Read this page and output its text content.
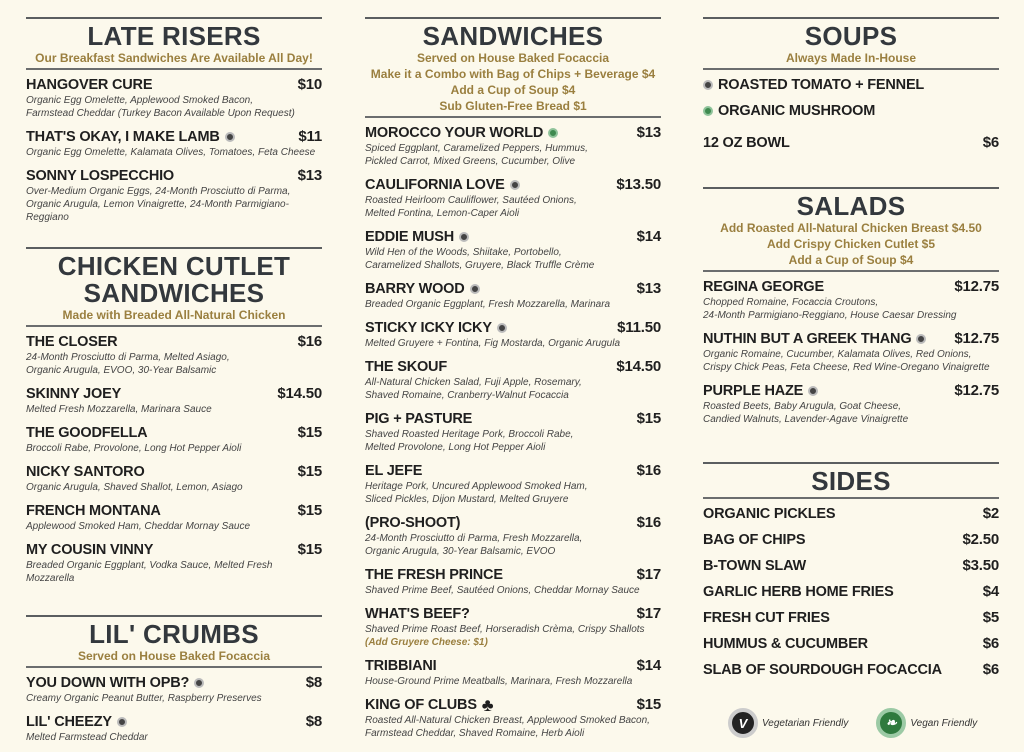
LATE RISERS
Our Breakfast Sandwiches Are Available All Day!
HANGOVER CURE	$10
Organic Egg Omelette, Applewood Smoked Bacon,
Farmstead Cheddar (Turkey Bacon Available Upon Request)
THAT'S OKAY, I MAKE LAMB	$11
Organic Egg Omelette, Kalamata Olives, Tomatoes, Feta Cheese
SONNY LOSPECCHIO	$13
Over-Medium Organic Eggs, 24-Month Prosciutto di Parma,
Organic Arugula, Lemon Vinaigrette, 24-Month Parmigiano-Reggiano
CHICKEN CUTLET
SANDWICHES
Made with Breaded All-Natural Chicken
THE CLOSER	$16
24-Month Prosciutto di Parma, Melted Asiago,
Organic Arugula, EVOO, 30-Year Balsamic
SKINNY JOEY	$14.50
Melted Fresh Mozzarella, Marinara Sauce
THE GOODFELLA	$15
Broccoli Rabe, Provolone, Long Hot Pepper Aioli
NICKY SANTORO	$15
Organic Arugula, Shaved Shallot, Lemon, Asiago
FRENCH MONTANA	$15
Applewood Smoked Ham, Cheddar Mornay Sauce
MY COUSIN VINNY	$15
Breaded Organic Eggplant, Vodka Sauce, Melted Fresh Mozzarella
LIL' CRUMBS
Served on House Baked Focaccia
YOU DOWN WITH OPB?	$8
Creamy Organic Peanut Butter, Raspberry Preserves
LIL' CHEEZY	$8
Melted Farmstead Cheddar
SANDWICHES
Served on House Baked Focaccia
Make it a Combo with Bag of Chips + Beverage $4
Add a Cup of Soup $4
Sub Gluten-Free Bread $1
MOROCCO YOUR WORLD	$13
Spiced Eggplant, Caramelized Peppers, Hummus,
Pickled Carrot, Mixed Greens, Cucumber, Olive
CAULIFORNIA LOVE	$13.50
Roasted Heirloom Cauliflower, Sautéed Onions,
Melted Fontina, Lemon-Caper Aioli
EDDIE MUSH	$14
Wild Hen of the Woods, Shiitake, Portobello,
Caramelized Shallots, Gruyere, Black Truffle Crème
BARRY WOOD	$13
Breaded Organic Eggplant, Fresh Mozzarella, Marinara
STICKY ICKY ICKY	$11.50
Melted Gruyere + Fontina, Fig Mostarda, Organic Arugula
THE SKOUF	$14.50
All-Natural Chicken Salad, Fuji Apple, Rosemary,
Shaved Romaine, Cranberry-Walnut Focaccia
PIG + PASTURE	$15
Shaved Roasted Heritage Pork, Broccoli Rabe,
Melted Provolone, Long Hot Pepper Aioli
EL JEFE	$16
Heritage Pork, Uncured Applewood Smoked Ham,
Sliced Pickles, Dijon Mustard, Melted Gruyere
(PRO-SHOOT)	$16
24-Month Prosciutto di Parma, Fresh Mozzarella,
Organic Arugula, 30-Year Balsamic, EVOO
THE FRESH PRINCE	$17
Shaved Prime Beef, Sautéed Onions, Cheddar Mornay Sauce
WHAT'S BEEF?	$17
Shaved Prime Roast Beef, Horseradish Crèma, Crispy Shallots
(Add Gruyere Cheese: $1)
TRIBBIANI	$14
House-Ground Prime Meatballs, Marinara, Fresh Mozzarella
KING OF CLUBS ♣	$15
Roasted All-Natural Chicken Breast, Applewood Smoked Bacon,
Farmstead Cheddar, Shaved Romaine, Herb Aioli
SOUPS
Always Made In-House
ROASTED TOMATO + FENNEL
ORGANIC MUSHROOM
12 OZ BOWL	$6
SALADS
Add Roasted All-Natural Chicken Breast $4.50
Add Crispy Chicken Cutlet $5
Add a Cup of Soup $4
REGINA GEORGE	$12.75
Chopped Romaine, Focaccia Croutons,
24-Month Parmigiano-Reggiano, House Caesar Dressing
NUTHIN BUT A GREEK THANG	$12.75
Organic Romaine, Cucumber, Kalamata Olives, Red Onions,
Crispy Chick Peas, Feta Cheese, Red Wine-Oregano Vinaigrette
PURPLE HAZE	$12.75
Roasted Beets, Baby Arugula, Goat Cheese,
Candied Walnuts, Lavender-Agave Vinaigrette
SIDES
ORGANIC PICKLES	$2
BAG OF CHIPS	$2.50
B-TOWN SLAW	$3.50
GARLIC HERB HOME FRIES	$4
FRESH CUT FRIES	$5
HUMMUS & CUCUMBER	$6
SLAB OF SOURDOUGH FOCACCIA	$6
V	Vegetarian Friendly	❧	Vegan Friendly
